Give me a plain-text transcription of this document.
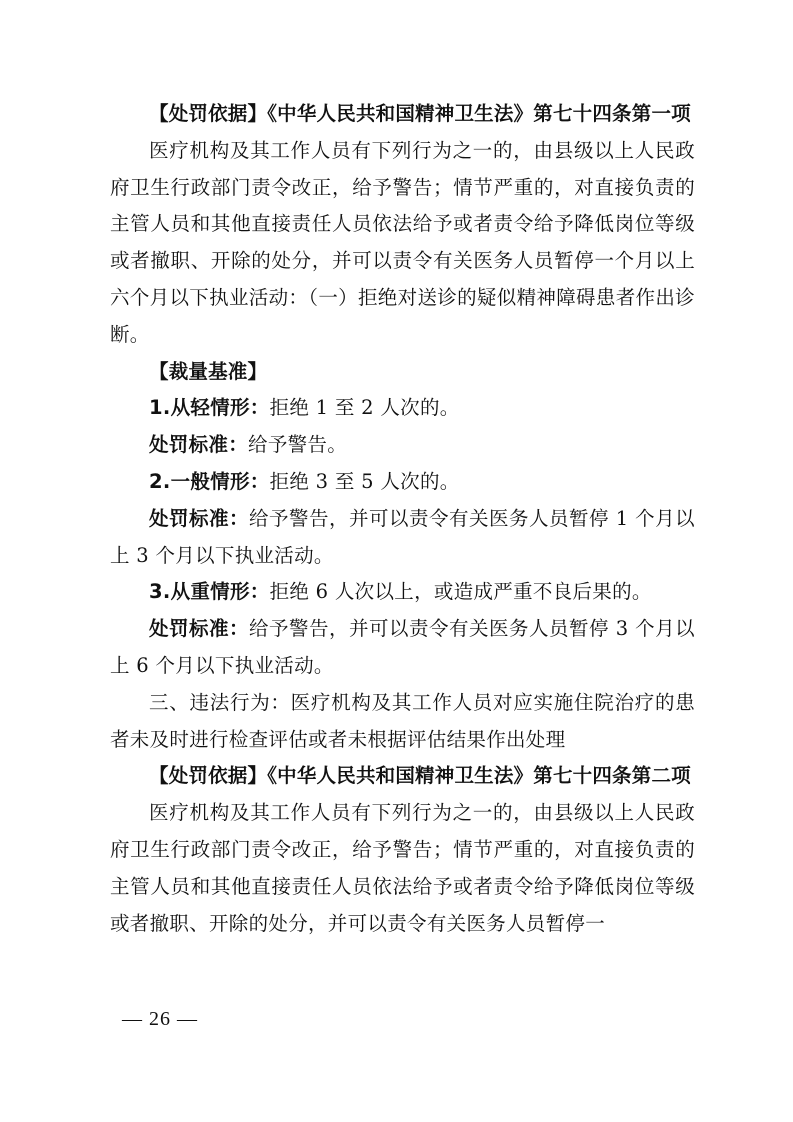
【处罚依据】《中华人民共和国精神卫生法》第七十四条第一项

医疗机构及其工作人员有下列行为之一的，由县级以上人民政府卫生行政部门责令改正，给予警告；情节严重的，对直接负责的主管人员和其他直接责任人员依法给予或者责令给予降低岗位等级或者撤职、开除的处分，并可以责令有关医务人员暂停一个月以上六个月以下执业活动：（一）拒绝对送诊的疑似精神障碍患者作出诊断。

【裁量基准】

1.从轻情形：拒绝 1 至 2 人次的。

处罚标准：给予警告。

2.一般情形：拒绝 3 至 5 人次的。

处罚标准：给予警告，并可以责令有关医务人员暂停 1 个月以上 3 个月以下执业活动。

3.从重情形：拒绝 6 人次以上，或造成严重不良后果的。

处罚标准：给予警告，并可以责令有关医务人员暂停 3 个月以上 6 个月以下执业活动。

三、违法行为：医疗机构及其工作人员对应实施住院治疗的患者未及时进行检查评估或者未根据评估结果作出处理

【处罚依据】《中华人民共和国精神卫生法》第七十四条第二项

医疗机构及其工作人员有下列行为之一的，由县级以上人民政府卫生行政部门责令改正，给予警告；情节严重的，对直接负责的主管人员和其他直接责任人员依法给予或者责令给予降低岗位等级或者撤职、开除的处分，并可以责令有关医务人员暂停一

— 26 —
